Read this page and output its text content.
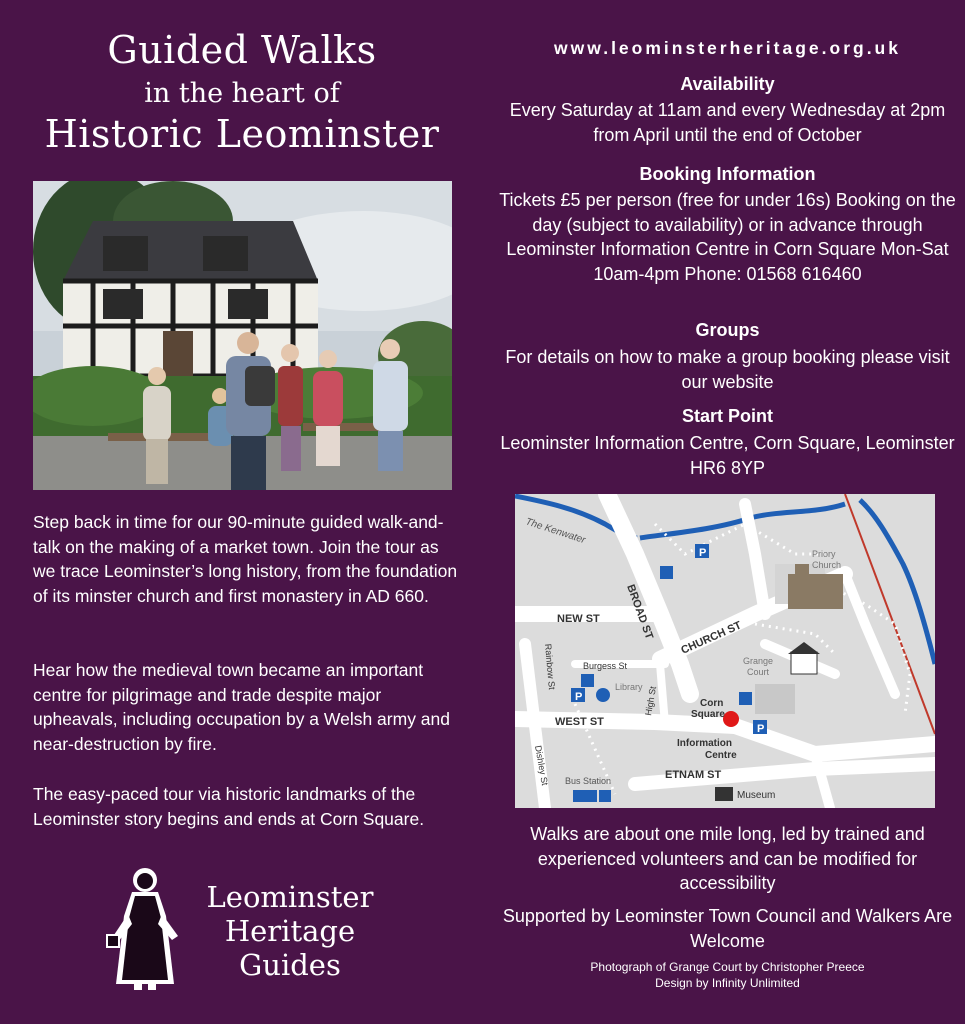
Guided Walks
in the heart of
Historic Leominster
Step back in time for our 90-minute guided walk-and-talk on the making of a market town. Join the tour as we trace Leominster’s long history, from the foundation of its minster church and first monastery in AD 660.
Hear how the medieval town became an important centre for pilgrimage and trade despite major upheavals, including occupation by a Welsh army and near-destruction by fire.
The easy-paced tour via historic landmarks of the Leominster story begins and ends at Corn Square.
Leominster
Heritage
Guides
www.leominsterheritage.org.uk
Availability
Every Saturday at 11am and every Wednesday at 2pm from April until the end of October
Booking Information
Tickets £5 per person (free for under 16s) Booking on the day (subject to availability) or in advance through Leominster Information Centre in Corn Square Mon-Sat 10am-4pm Phone: 01568 616460
Groups
For details on how to make a group booking please visit our website
Start Point
Leominster Information Centre, Corn Square, Leominster HR6 8YP
P
P
P
The Kenwater
NEW ST BROAD ST CHURCH ST
Rainbow St	Burgess St
Library High St	Corn
Square
WEST ST
Information
Centre
Dishley St Bus Station	ETNAM ST
Museum
Priory
Church
Grange
Court
Walks are about one mile long, led by trained and experienced volunteers and can be modified for accessibility
Supported by Leominster Town Council and Walkers Are Welcome
Photograph of Grange Court by Christopher Preece
Design by Infinity Unlimited
